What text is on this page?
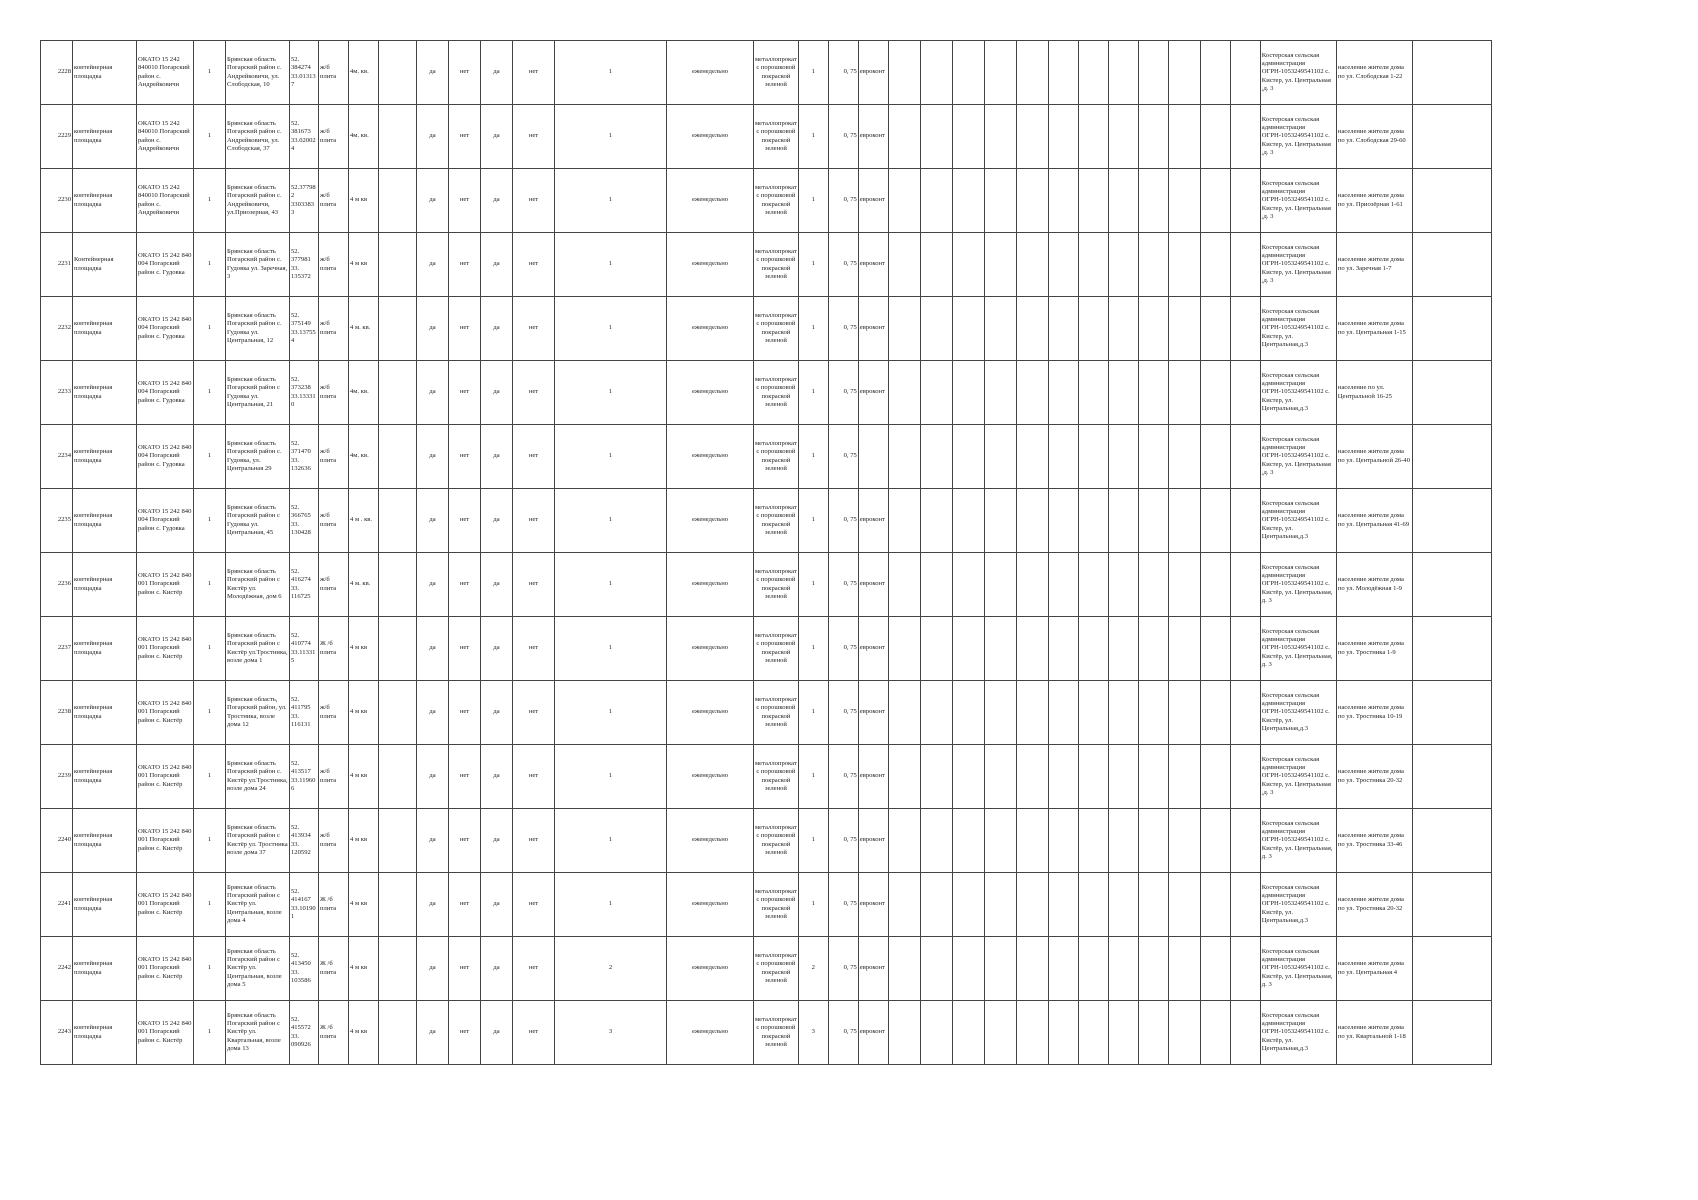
2228	контейнерная площадка	ОКАТО 15 242 840010 Погарский район с. Андрейковичи	1	Брянская область Погарский район с. Андрейковичи, ул. Слободская, 10	52. 384274 33.01313 7	ж/б плита	4м. кв.		да	нет	да	нет	1	еженедельно	металлопрокат с порошковой покраской зеленой	1	0, 75	евроконт													Костерская сельская администрация ОГРН-1053249541102 с. Кистер, ул. Центральная ,д. 3	население жители дома по ул. Слободская 1-22	
2229	контейнерная площадка	ОКАТО 15 242 840010 Погарский район с. Андрейковичи	1	Брянская область Погарский район с. Андрейковичи, ул. Слободская, 37	52. 381673 33.02002 4	ж/б плита	4м. кв.		да	нет	да	нет	1	еженедельно	металлопрокат с порошковой покраской зеленой	1	0, 75	евроконт													Костерская сельская администрация ОГРН-1053249541102 с. Кистер, ул. Центральная ,д. 3	население жители дома по ул. Слободская 29-60	
2230	контейнерная площадка	ОКАТО 15 242 840010 Погарский район с. Андрейковичи	1	Брянская область Погарский район с. Андрейковичи, ул.Приозерная, 43	52.37798 2 3303383 3	ж/б плита	4 м кв		да	нет	да	нет	1	еженедельно	металлопрокат с порошковой покраской зеленой	1	0, 75	евроконт													Костерская сельская администрация ОГРН-1053249541102 с. Кистер, ул. Центральная ,д. 3	население жители дома по ул. Приозёрная 1-61	
2231	Контейнерная площадка	ОКАТО 15 242 840 004 Погарский район с. Гудовка	1	Брянская область Погарский район с. Гудовка ул. Заречная, 3	52. 377981 33. 135372	ж/б плита	4 м кв		да	нет	да	нет	1	еженедельно	металлопрокат с порошковой покраской зеленой	1	0, 75	евроконт													Костерская сельская администрация ОГРН-1053249541102 с. Кистер, ул. Центральная ,д. 3	население жители дома по ул. Заречная 1-7	
2232	контейнерная площадка	ОКАТО 15 242 840 004 Погарский район с. Гудовка	1	Брянская область Погарский район с. Гудовка ул. Центральная, 12	52. 375149 33.13755 4	ж/б плита	4 м. кв.		да	нет	да	нет	1	еженедельно	металлопрокат с порошковой покраской зеленой	1	0, 75	евроконт													Костерская сельская администрация ОГРН-1053249541102 с. Кистер, ул. Центральная,д.3	население жители дома по ул. Центральная 1-15	
2233	контейнерная площадка	ОКАТО 15 242 840 004 Погарский район с. Гудовка	1	Брянская область Погарский район с Гудовка ул. Центральная, 21	52. 373238 33.13331 0	ж/б плита	4м. кв.		да	нет	да	нет	1	еженедельно	металлопрокат с порошковой покраской зеленой	1	0, 75	евроконт													Костерская сельская администрация ОГРН-1053249541102 с. Кистер, ул. Центральная,д.3	население по ул. Центральной 16-25	
2234	контейнерная площадка	ОКАТО 15 242 840 004 Погарский район с. Гудовка	1	Брянская область Погарский район с. Гудовка, ул. Центральная 29	52. 371470 33. 132636	ж/б плита	4м. кв.		да	нет	да	нет	1	еженедельно	металлопрокат с порошковой покраской зеленой	1	0, 75														Костерская сельская администрация ОГРН-1053249541102 с. Кистер, ул. Центральная ,д. 3	население жители дома по ул. Центральной 26-40	
2235	контейнерная площадка	ОКАТО 15 242 840 004 Погарский район с. Гудовка	1	Брянская область Погарский район с Гудовка ул. Центральная, 45	52. 366765 33. 130428	ж/б плита	4 м . кв.		да	нет	да	нет	1	еженедельно	металлопрокат с порошковой покраской зеленой	1	0, 75	евроконт													Костерская сельская администрация ОГРН-1053249541102 с. Кистер, ул. Центральная,д.3	население жители дома по ул. Центральная 41-69	
2236	контейнерная площадка	ОКАТО 15 242 840 001 Погарский район с. Кистёр	1	Брянская область Погарский район с Кистёр ул. Молодёжная, дом 6	52. 416274 33. 116725	ж/б плита	4 м. кв.		да	нет	да	нет	1	еженедельно	металлопрокат с порошковой покраской зеленой	1	0, 75	евроконт													Костерская сельская администрация ОГРН-1053249541102 с. Кистёр, ул. Центральная, д. 3	население жители дома по ул. Молодёжная 1-9	
2237	контейнерная площадка	ОКАТО 15 242 840 001 Погарский район с. Кистёр	1	Брянская область Погарский район с Кистёр ул.Тростника, возле дома 1	52. 410774 33.11331 5	Ж /б плита	4 м кв		да	нет	да	нет	1	еженедельно	металлопрокат с порошковой покраской зеленой	1	0, 75	евроконт													Костерская сельская администрация ОГРН-1053249541102 с. Кистёр, ул. Центральная, д. 3	население жители дома по ул. Тростника 1-9	
2238	контейнерная площадка	ОКАТО 15 242 840 001 Погарский район с. Кистёр	1	Брянская область, Погарский район, ул. Тростника, возле дома 12	52. 411795 33. 116131	ж/б плита	4 м кв		да	нет	да	нет	1	еженедельно	металлопрокат с порошковой покраской зеленой	1	0, 75	евроконт													Костерская сельская администрация ОГРН-1053249541102 с. Кистёр, ул. Центральная,д.3	население жители дома по ул. Тростника 10-19	
2239	контейнерная площадка	ОКАТО 15 242 840 001 Погарский район с. Кистёр	1	Брянская область Погарский район с. Кистёр ул.Тростника, возле дома 24	52. 413517 33.11960 6	ж/б плита	4 м кв		да	нет	да	нет	1	еженедельно	металлопрокат с порошковой покраской зеленой	1	0, 75	евроконт													Костерская сельская администрация ОГРН-1053249541102 с. Кистер, ул. Центральная ,д. 3	население жители дома по ул. Тростника 20-32	
2240	контейнерная площадка	ОКАТО 15 242 840 001 Погарский район с. Кистёр	1	Брянская область Погарский район с Кистёр ул. Тростника возле дома 37	52. 413934 33. 120592	ж/б плита	4 м кв		да	нет	да	нет	1	еженедельно	металлопрокат с порошковой покраской зеленой	1	0, 75	евроконт													Костерская сельская администрация ОГРН-1053249541102 с. Кистёр, ул. Центральная, д. 3	население жители дома по ул. Тростника 33-46	
2241	контейнерная площадка	ОКАТО 15 242 840 001 Погарский район с. Кистёр	1	Брянская область Погарский район с Кистёр ул. Центральная, возле дома 4	52. 414167 33.10190 1	Ж /б плита	4 м кв		да	нет	да	нет	1	еженедельно	металлопрокат с порошковой покраской зеленой	1	0, 75	евроконт													Костерская сельская администрация ОГРН-1053249541102 с. Кистёр, ул. Центральная,д.3	население жители дома по ул. Тростника 20-32	
2242	контейнерная площадка	ОКАТО 15 242 840 001 Погарский район с. Кистёр	1	Брянская область Погарский район с Кистёр ул. Центральная, возле дома 5	52. 413450 33. 103586	Ж /б плита	4 м кв		да	нет	да	нет	2	еженедельно	металлопрокат с порошковой покраской зеленой	2	0, 75	евроконт													Костерская сельская администрация ОГРН-1053249541102 с. Кистёр, ул. Центральная, д. 3	население жители дома по ул. Центральная 4	
2243	контейнерная площадка	ОКАТО 15 242 840 001 Погарский район с. Кистёр	1	Брянская область Погарский район с Кистёр ул. Квартальная, возле дома 13	52. 415572 33. 090926	Ж /б плита	4 м кв		да	нет	да	нет	3	еженедельно	металлопрокат с порошковой покраской зеленой	3	0, 75	евроконт													Костерская сельская администрация ОГРН-1053249541102 с. Кистёр, ул. Центральная,д.3	население жители дома по ул. Квартальной 1-18	
